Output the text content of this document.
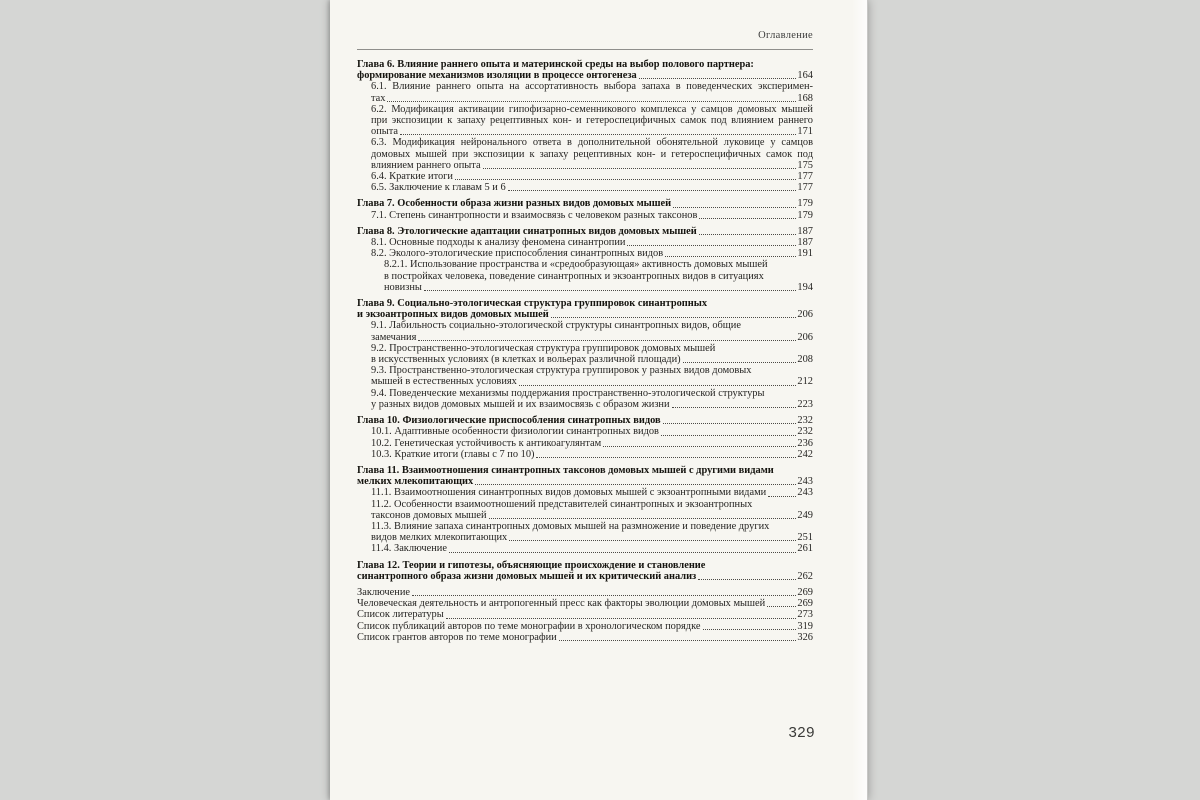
Оглавление
Глава 6. Влияние раннего опыта и материнской среды на выбор полового партнера:
формирование механизмов изоляции в процессе онтогенеза	164
6.1. Влияние раннего опыта на ассортативность выбора запаха в поведенческих эксперимен-
тах	168
6.2. Модификация активации гипофизарно-семенникового комплекса у самцов домовых мышей
при экспозиции к запаху рецептивных кон- и гетероспецифичных самок под влиянием раннего
опыта	171
6.3. Модификация нейронального ответа в дополнительной обонятельной луковице у самцов
домовых мышей при экспозиции к запаху рецептивных кон- и гетероспецифичных самок под
влиянием раннего опыта	175
6.4. Краткие итоги	177
6.5. Заключение к главам 5 и 6	177
Глава 7. Особенности образа жизни разных видов домовых мышей	179
7.1. Степень синантропности и взаимосвязь с человеком разных таксонов	179
Глава 8. Этологические адаптации синатропных видов домовых мышей	187
8.1. Основные подходы к анализу феномена синантропии	187
8.2. Эколого-этологические приспособления синантропных видов	191
8.2.1. Использование пространства и «средообразующая» активность домовых мышей
в постройках человека, поведение синантропных и экзоантропных видов в ситуациях
новизны	194
Глава 9. Социально-этологическая структура группировок синантропных
и экзоантропных видов домовых мышей	206
9.1. Лабильность социально-этологической структуры синантропных видов, общие
замечания	206
9.2. Пространственно-этологическая структура группировок домовых мышей
в искусственных условиях (в клетках и вольерах различной площади)	208
9.3. Пространственно-этологическая структура группировок у разных видов домовых
мышей в естественных условиях	212
9.4. Поведенческие механизмы поддержания пространственно-этологической структуры
у разных видов домовых мышей и их взаимосвязь с образом жизни	223
Глава 10. Физиологические приспособления синатропных видов	232
10.1. Адаптивные особенности физиологии синантропных видов	232
10.2. Генетическая устойчивость к антикоагулянтам	236
10.3. Краткие итоги (главы с 7 по 10)	242
Глава 11. Взаимоотношения синантропных таксонов домовых мышей с другими видами
мелких млекопитающих	243
11.1. Взаимоотношения синантропных видов домовых мышей с экзоантропными видами	243
11.2. Особенности взаимоотношений представителей синантропных и экзоантропных
таксонов домовых мышей	249
11.3. Влияние запаха синантропных домовых мышей на размножение и поведение других
видов мелких млекопитающих	251
11.4. Заключение	261
Глава 12. Теории и гипотезы, объясняющие происхождение и становление
синантропного образа жизни домовых мышей и их критический анализ	262
Заключение	269
Человеческая деятельность и антропогенный пресс как факторы эволюции домовых мышей	269
Список литературы	273
Список публикаций авторов по теме монографии в хронологическом порядке	319
Список грантов авторов по теме монографии	326
329
